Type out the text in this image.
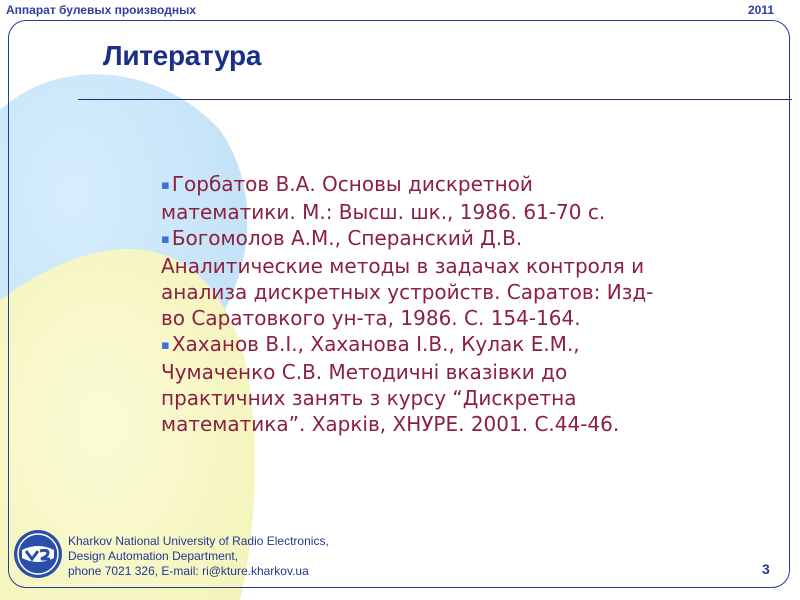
Аппарат булевых производных	2011
Литература
▪ Горбатов В.А. Основы дискретной
математики. М.: Высш. шк., 1986. 61-70 с.
▪ Богомолов А.М., Сперанский Д.В.
Аналитические методы в задачах контроля и
анализа дискретных устройств. Саратов: Изд-
во Саратовкого ун-та, 1986. С. 154-164.
▪ Хаханов В.І., Хаханова І.В., Кулак Е.М.,
Чумаченко С.В. Методичні вказівки до
практичних занять з курсу “Дискретна
математика”. Харків, ХНУРЕ. 2001. С.44-46.
Kharkov National University of Radio Electronics,
Design Automation Department,
phone 7021 326, E-mail: ri@kture.kharkov.ua	3
